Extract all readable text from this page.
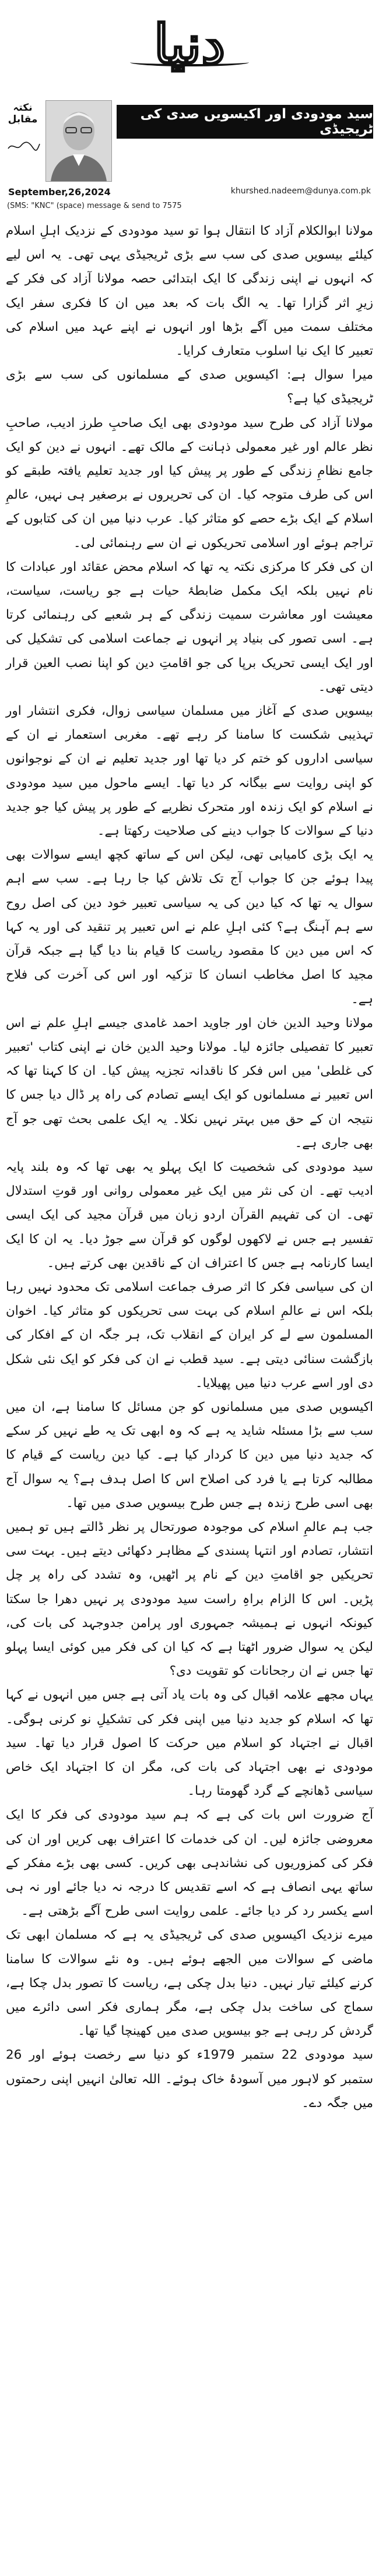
دنیا
نکتہ مقابل	سید مودودی اور اکیسویں صدی کی ٹریجیڈی
September,26,2024	khurshed.nadeem@dunya.com.pk
(SMS: "KNC" (space) message & send to 7575

مولانا ابوالکلام آزاد کا انتقال ہوا تو سید مودودی کے نزدیک اہلِ اسلام کیلئے بیسویں صدی کی سب سے بڑی ٹریجیڈی یہی تھی۔ یہ اس لیے کہ انہوں نے اپنی زندگی کا ایک ابتدائی حصہ مولانا آزاد کی فکر کے زیرِ اثر گزارا تھا۔ یہ الگ بات کہ بعد میں ان کا فکری سفر ایک مختلف سمت میں آگے بڑھا اور انہوں نے اپنے عہد میں اسلام کی تعبیر کا ایک نیا اسلوب متعارف کرایا۔

میرا سوال ہے: اکیسویں صدی کے مسلمانوں کی سب سے بڑی ٹریجیڈی کیا ہے؟

مولانا آزاد کی طرح سید مودودی بھی ایک صاحبِ طرز ادیب، صاحبِ نظر عالم اور غیر معمولی ذہانت کے مالک تھے۔ انہوں نے دین کو ایک جامع نظامِ زندگی کے طور پر پیش کیا اور جدید تعلیم یافتہ طبقے کو اس کی طرف متوجہ کیا۔ ان کی تحریروں نے برصغیر ہی نہیں، عالمِ اسلام کے ایک بڑے حصے کو متاثر کیا۔ عرب دنیا میں ان کی کتابوں کے تراجم ہوئے اور اسلامی تحریکوں نے ان سے رہنمائی لی۔

ان کی فکر کا مرکزی نکتہ یہ تھا کہ اسلام محض عقائد اور عبادات کا نام نہیں بلکہ ایک مکمل ضابطۂ حیات ہے جو ریاست، سیاست، معیشت اور معاشرت سمیت زندگی کے ہر شعبے کی رہنمائی کرتا ہے۔ اسی تصور کی بنیاد پر انہوں نے جماعت اسلامی کی تشکیل کی اور ایک ایسی تحریک برپا کی جو اقامتِ دین کو اپنا نصب العین قرار دیتی تھی۔

بیسویں صدی کے آغاز میں مسلمان سیاسی زوال، فکری انتشار اور تہذیبی شکست کا سامنا کر رہے تھے۔ مغربی استعمار نے ان کے سیاسی اداروں کو ختم کر دیا تھا اور جدید تعلیم نے ان کے نوجوانوں کو اپنی روایت سے بیگانہ کر دیا تھا۔ ایسے ماحول میں سید مودودی نے اسلام کو ایک زندہ اور متحرک نظریے کے طور پر پیش کیا جو جدید دنیا کے سوالات کا جواب دینے کی صلاحیت رکھتا ہے۔

یہ ایک بڑی کامیابی تھی، لیکن اس کے ساتھ کچھ ایسے سوالات بھی پیدا ہوئے جن کا جواب آج تک تلاش کیا جا رہا ہے۔ سب سے اہم سوال یہ تھا کہ کیا دین کی یہ سیاسی تعبیر خود دین کی اصل روح سے ہم آہنگ ہے؟ کئی اہلِ علم نے اس تعبیر پر تنقید کی اور یہ کہا کہ اس میں دین کا مقصود ریاست کا قیام بنا دیا گیا ہے جبکہ قرآن مجید کا اصل مخاطب انسان کا تزکیہ اور اس کی آخرت کی فلاح ہے۔

مولانا وحید الدین خان اور جاوید احمد غامدی جیسے اہلِ علم نے اس تعبیر کا تفصیلی جائزہ لیا۔ مولانا وحید الدین خان نے اپنی کتاب 'تعبیر کی غلطی' میں اس فکر کا ناقدانہ تجزیہ پیش کیا۔ ان کا کہنا تھا کہ اس تعبیر نے مسلمانوں کو ایک ایسے تصادم کی راہ پر ڈال دیا جس کا نتیجہ ان کے حق میں بہتر نہیں نکلا۔ یہ ایک علمی بحث تھی جو آج بھی جاری ہے۔

سید مودودی کی شخصیت کا ایک پہلو یہ بھی تھا کہ وہ بلند پایہ ادیب تھے۔ ان کی نثر میں ایک غیر معمولی روانی اور قوتِ استدلال تھی۔ ان کی تفہیم القرآن اردو زبان میں قرآن مجید کی ایک ایسی تفسیر ہے جس نے لاکھوں لوگوں کو قرآن سے جوڑ دیا۔ یہ ان کا ایک ایسا کارنامہ ہے جس کا اعتراف ان کے ناقدین بھی کرتے ہیں۔

ان کی سیاسی فکر کا اثر صرف جماعت اسلامی تک محدود نہیں رہا بلکہ اس نے عالمِ اسلام کی بہت سی تحریکوں کو متاثر کیا۔ اخوان المسلمون سے لے کر ایران کے انقلاب تک، ہر جگہ ان کے افکار کی بازگشت سنائی دیتی ہے۔ سید قطب نے ان کی فکر کو ایک نئی شکل دی اور اسے عرب دنیا میں پھیلایا۔

اکیسویں صدی میں مسلمانوں کو جن مسائل کا سامنا ہے، ان میں سب سے بڑا مسئلہ شاید یہ ہے کہ وہ ابھی تک یہ طے نہیں کر سکے کہ جدید دنیا میں دین کا کردار کیا ہے۔ کیا دین ریاست کے قیام کا مطالبہ کرتا ہے یا فرد کی اصلاح اس کا اصل ہدف ہے؟ یہ سوال آج بھی اسی طرح زندہ ہے جس طرح بیسویں صدی میں تھا۔

جب ہم عالمِ اسلام کی موجودہ صورتحال پر نظر ڈالتے ہیں تو ہمیں انتشار، تصادم اور انتہا پسندی کے مظاہر دکھائی دیتے ہیں۔ بہت سی تحریکیں جو اقامتِ دین کے نام پر اٹھیں، وہ تشدد کی راہ پر چل پڑیں۔ اس کا الزام براہِ راست سید مودودی پر نہیں دھرا جا سکتا کیونکہ انہوں نے ہمیشہ جمہوری اور پرامن جدوجہد کی بات کی، لیکن یہ سوال ضرور اٹھتا ہے کہ کیا ان کی فکر میں کوئی ایسا پہلو تھا جس نے ان رجحانات کو تقویت دی؟

یہاں مجھے علامہ اقبال کی وہ بات یاد آتی ہے جس میں انہوں نے کہا تھا کہ اسلام کو جدید دنیا میں اپنی فکر کی تشکیلِ نو کرنی ہوگی۔ اقبال نے اجتہاد کو اسلام میں حرکت کا اصول قرار دیا تھا۔ سید مودودی نے بھی اجتہاد کی بات کی، مگر ان کا اجتہاد ایک خاص سیاسی ڈھانچے کے گرد گھومتا رہا۔

آج ضرورت اس بات کی ہے کہ ہم سید مودودی کی فکر کا ایک معروضی جائزہ لیں۔ ان کی خدمات کا اعتراف بھی کریں اور ان کی فکر کی کمزوریوں کی نشاندہی بھی کریں۔ کسی بھی بڑے مفکر کے ساتھ یہی انصاف ہے کہ اسے تقدیس کا درجہ نہ دیا جائے اور نہ ہی اسے یکسر رد کر دیا جائے۔ علمی روایت اسی طرح آگے بڑھتی ہے۔

میرے نزدیک اکیسویں صدی کی ٹریجیڈی یہ ہے کہ مسلمان ابھی تک ماضی کے سوالات میں الجھے ہوئے ہیں۔ وہ نئے سوالات کا سامنا کرنے کیلئے تیار نہیں۔ دنیا بدل چکی ہے، ریاست کا تصور بدل چکا ہے، سماج کی ساخت بدل چکی ہے، مگر ہماری فکر اسی دائرے میں گردش کر رہی ہے جو بیسویں صدی میں کھینچا گیا تھا۔

سید مودودی 22 ستمبر 1979ء کو دنیا سے رخصت ہوئے اور 26 ستمبر کو لاہور میں آسودۂ خاک ہوئے۔ اللہ تعالیٰ انہیں اپنی رحمتوں میں جگہ دے۔
